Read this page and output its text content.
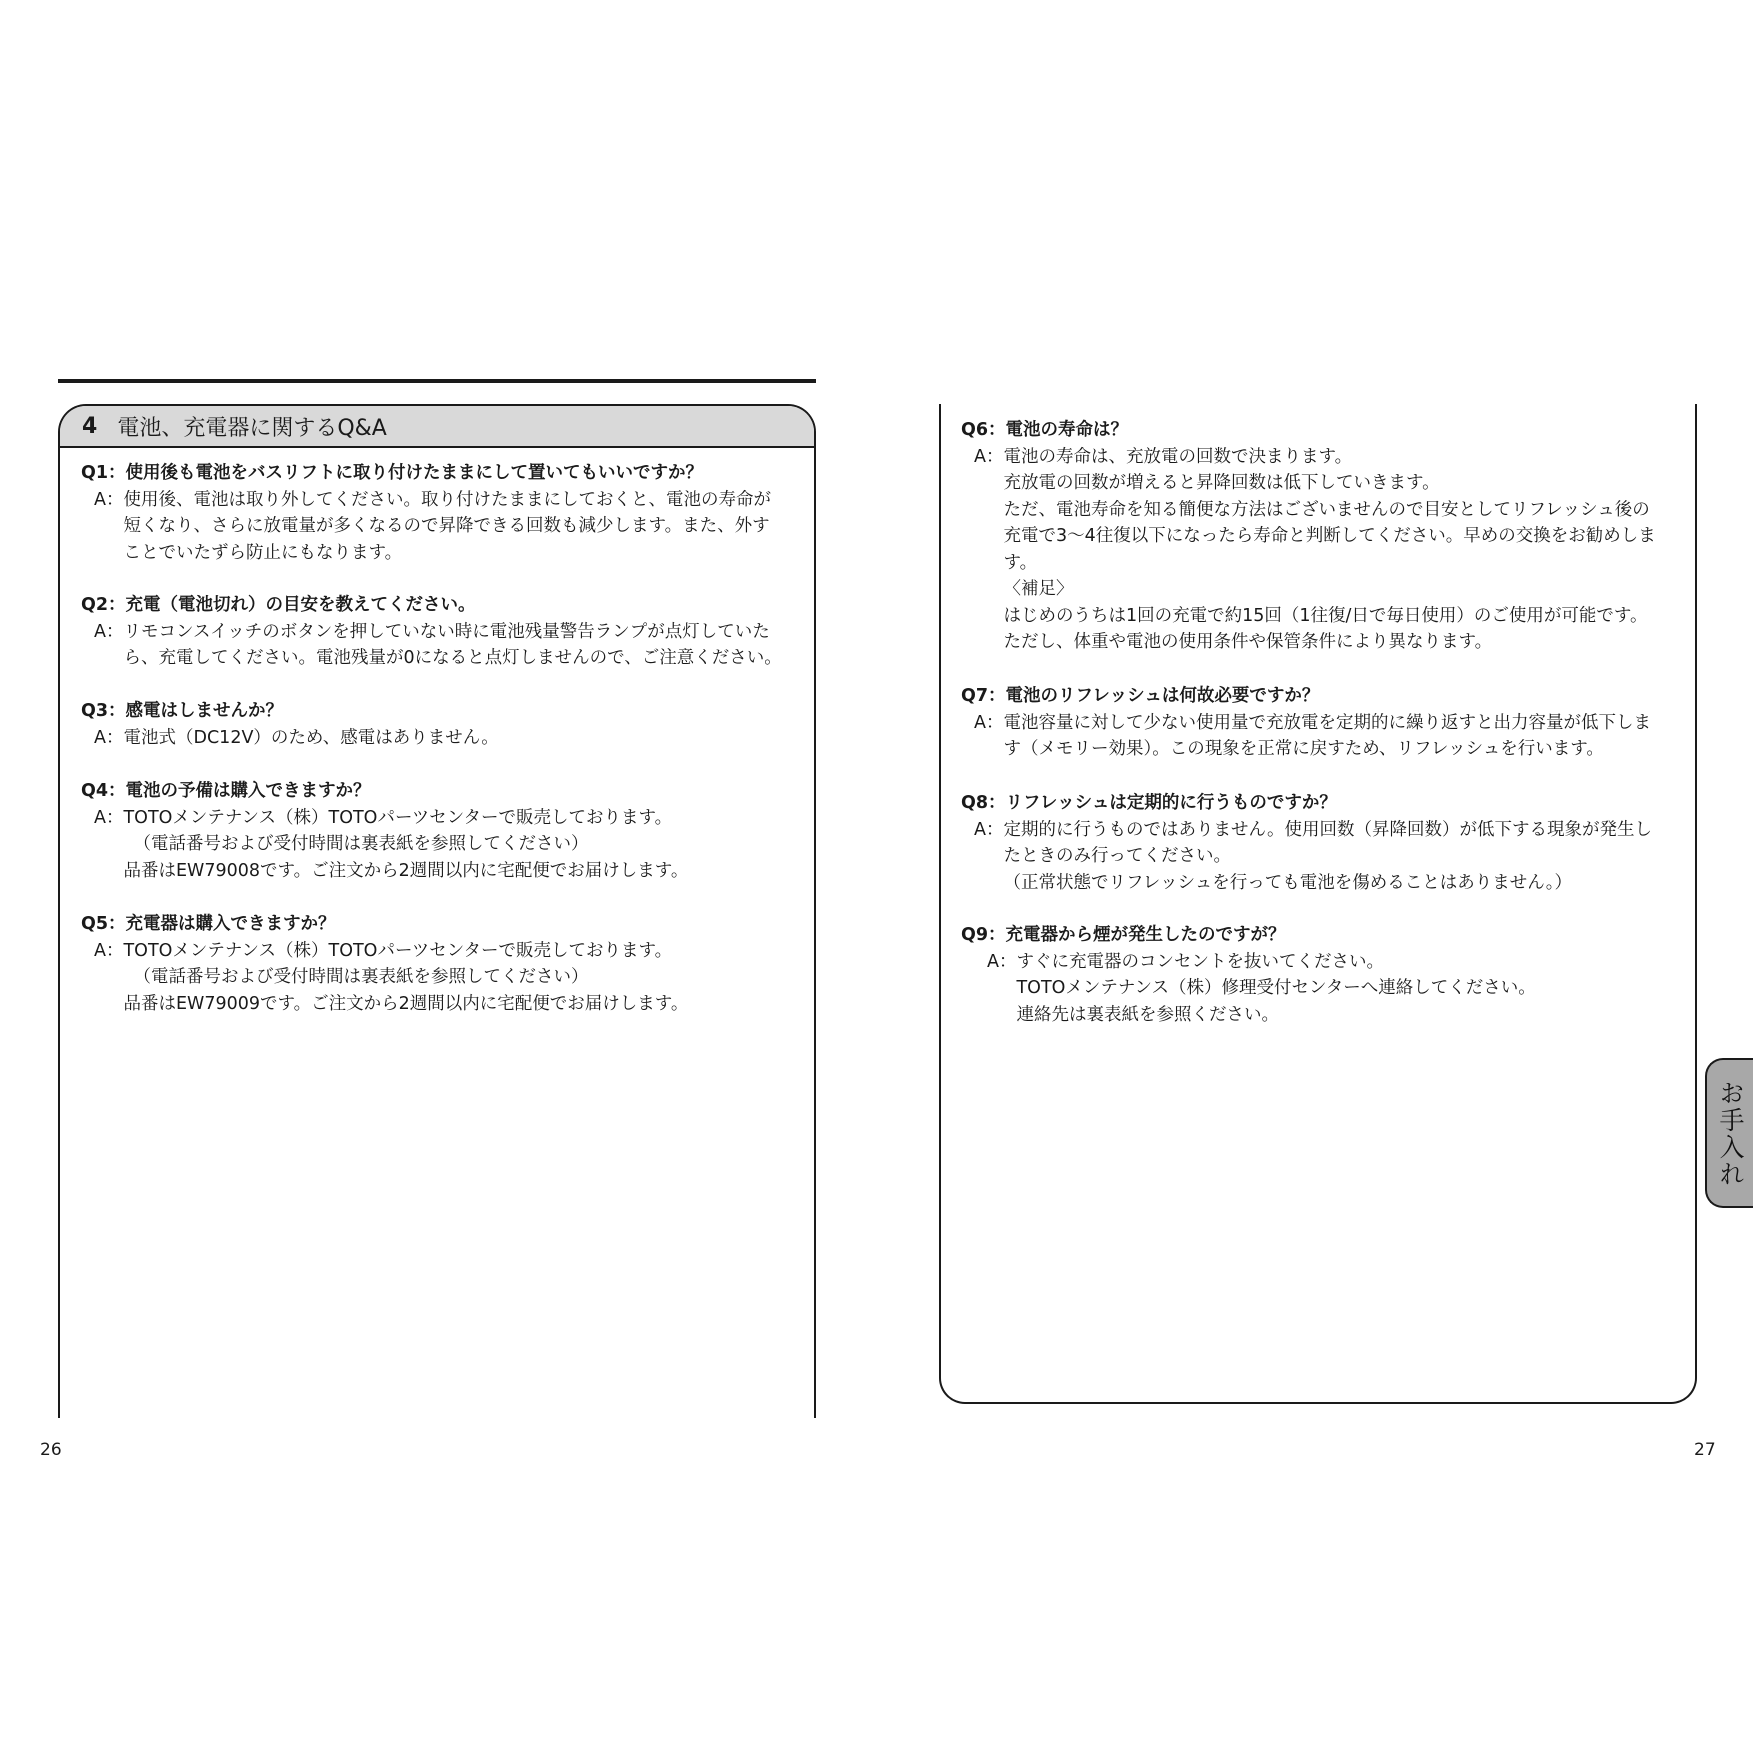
4 電池、充電器に関するQ&A
Q1：使用後も電池をバスリフトに取り付けたままにして置いてもいいですか？
A： 使用後、電池は取り外してください。取り付けたままにしておくと、電池の寿命が
短くなり、さらに放電量が多くなるので昇降できる回数も減少します。また、外す
ことでいたずら防止にもなります。
Q2：充電（電池切れ）の目安を教えてください。
A： リモコンスイッチのボタンを押していない時に電池残量警告ランプが点灯していた
ら、充電してください。電池残量が0になると点灯しませんので、ご注意ください。
Q3：感電はしませんか？
A： 電池式（DC12V）のため、感電はありません。
Q4：電池の予備は購入できますか？
A： TOTOメンテナンス（株）TOTOパーツセンターで販売しております。
（電話番号および受付時間は裏表紙を参照してください）
品番はEW79008です。ご注文から2週間以内に宅配便でお届けします。
Q5：充電器は購入できますか？
A： TOTOメンテナンス（株）TOTOパーツセンターで販売しております。
（電話番号および受付時間は裏表紙を参照してください）
品番はEW79009です。ご注文から2週間以内に宅配便でお届けします。
Q6：電池の寿命は？
A： 電池の寿命は、充放電の回数で決まります。
充放電の回数が増えると昇降回数は低下していきます。
ただ、電池寿命を知る簡便な方法はございませんので目安としてリフレッシュ後の
充電で3～4往復以下になったら寿命と判断してください。早めの交換をお勧めしま
す。
〈補足〉
はじめのうちは1回の充電で約15回（1往復/日で毎日使用）のご使用が可能です。
ただし、体重や電池の使用条件や保管条件により異なります。
Q7：電池のリフレッシュは何故必要ですか？
A： 電池容量に対して少ない使用量で充放電を定期的に繰り返すと出力容量が低下しま
す（メモリー効果）。この現象を正常に戻すため、リフレッシュを行います。
Q8：リフレッシュは定期的に行うものですか？
A： 定期的に行うものではありません。使用回数（昇降回数）が低下する現象が発生し
たときのみ行ってください。
（正常状態でリフレッシュを行っても電池を傷めることはありません。）
Q9：充電器から煙が発生したのですが？
A： すぐに充電器のコンセントを抜いてください。
TOTOメンテナンス（株）修理受付センターへ連絡してください。
連絡先は裏表紙を参照ください。
お手入れ
26	27
